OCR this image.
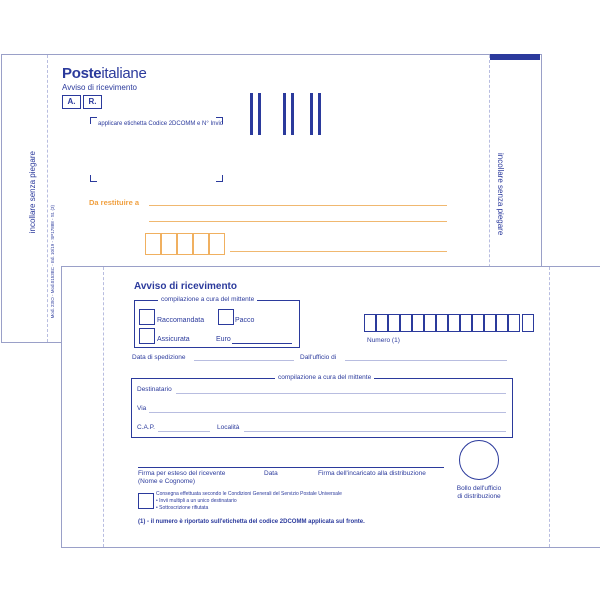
incollare senza piegare
Mod. 23IO - Mod.0153BC - Ed. 10/19 - SP17888 - St. (3)
incollare senza piegare
Posteitaliane
Avviso di ricevimento
A.	R.
applicare etichetta Codice 2DCOMM e N° Invio
Da restituire a
Avviso di ricevimento
compilazione a cura del mittente
Raccomandata	Pacco
Assicurata	Euro	Numero (1)
Data di spedizione	Dall'ufficio di
compilazione a cura del mittente
Destinatario
Via
C.A.P.	Località
Firma per esteso del ricevente
(Nome e Cognome)
Data	Firma dell'incaricato alla distribuzione
Bollo dell'ufficio
di distribuzione
Consegna effettuata secondo le Condizioni Generali del Servizio Postale Universale
• Invii multipli a un unico destinatario
• Sottoscrizione rifiutata
(1) - il numero è riportato sull'etichetta del codice 2DCOMM applicata sul fronte.
